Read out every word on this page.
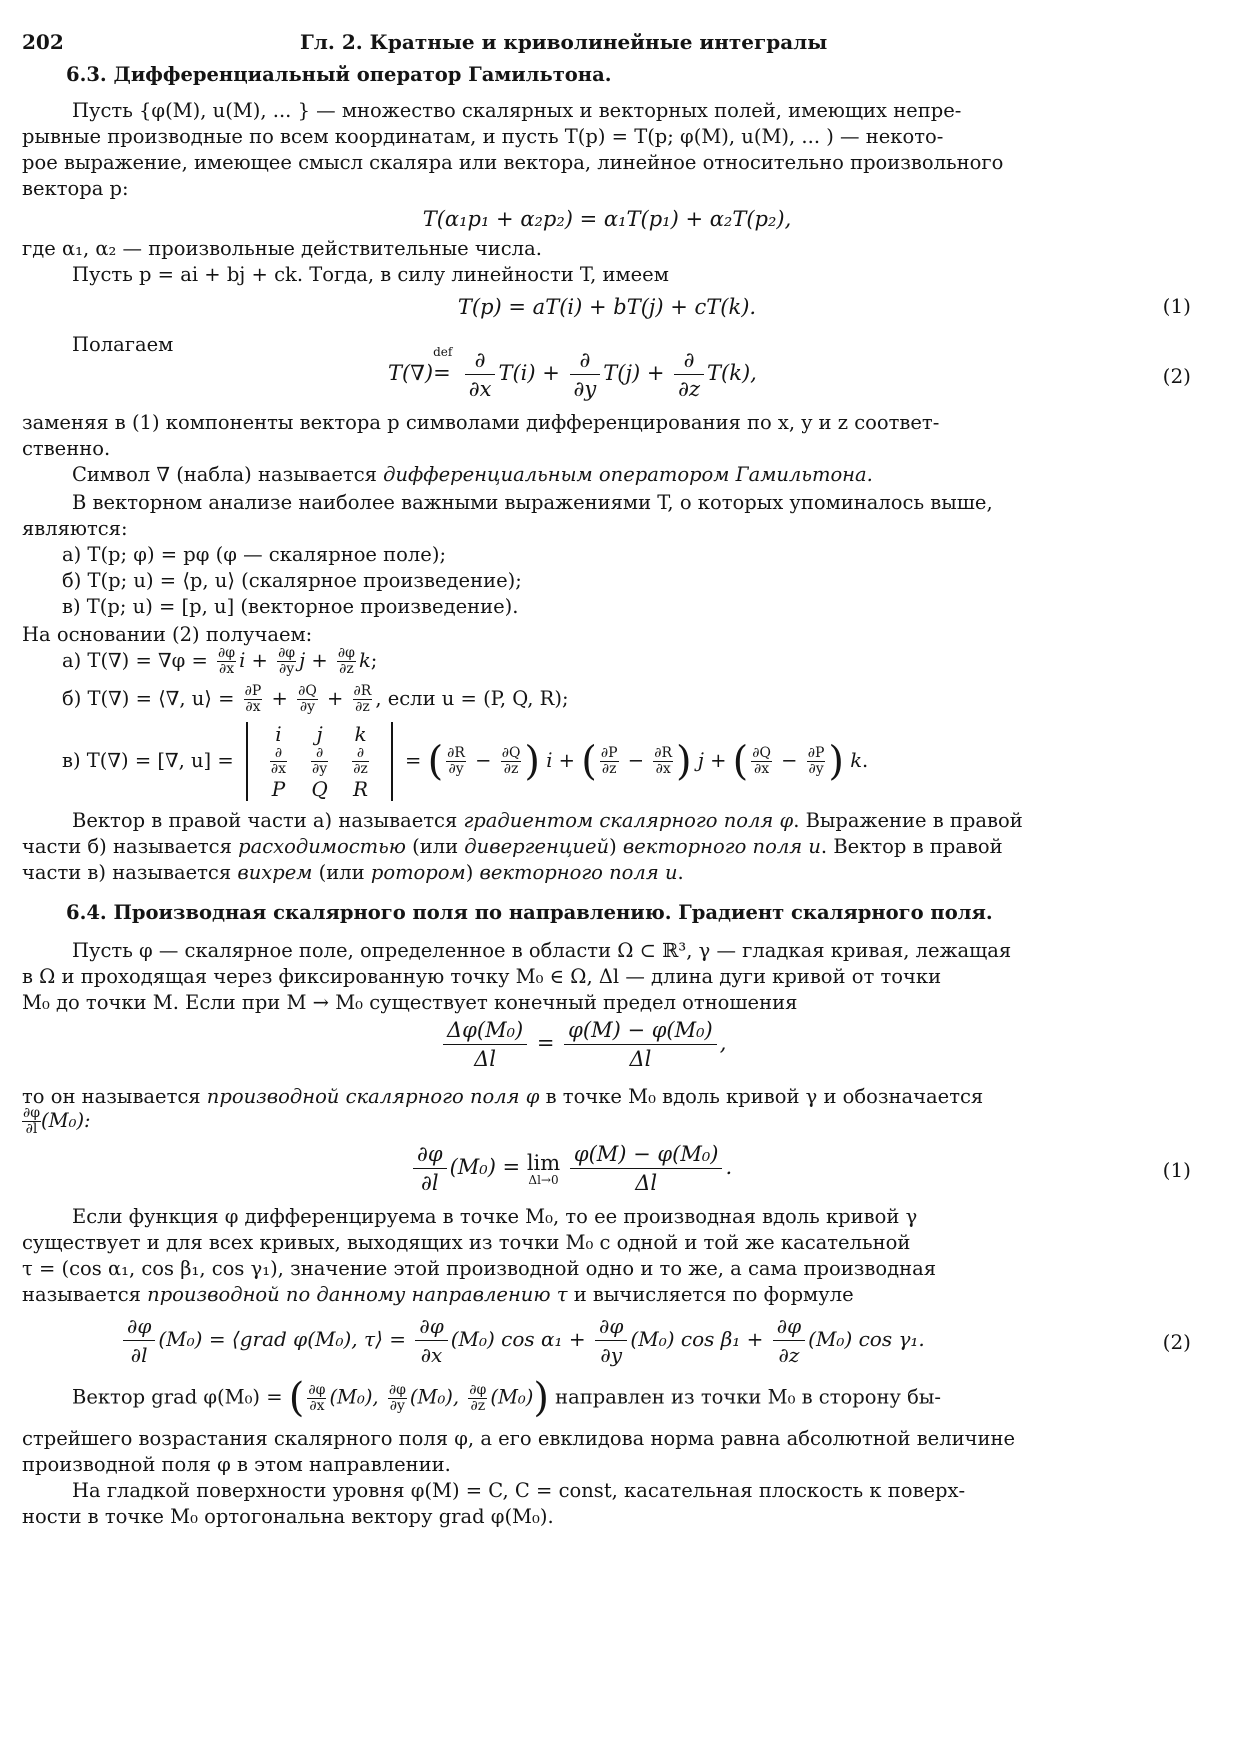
202	Гл. 2. Кратные и криволинейные интегралы
6.3. Дифференциальный оператор Гамильтона.
Пусть {φ(M), u(M), ... } — множество скалярных и векторных полей, имеющих непре-
рывные производные по всем координатам, и пусть T(p) = T(p; φ(M), u(M), ... ) — некото-
рое выражение, имеющее смысл скаляра или вектора, линейное относительно произвольного
вектора p:
T(α₁p₁ + α₂p₂) = α₁T(p₁) + α₂T(p₂),
где α₁, α₂ — произвольные действительные числа.
Пусть p = ai + bj + ck. Тогда, в силу линейности T, имеем
T(p) = aT(i) + bT(j) + cT(k).	(1)
Полагаем
T(∇)
def
= $\frac{\partial}{\partial x} T(i) + \frac{\partial}{\partial y} T(j) + \frac{\partial}{\partial z} T(k)$,	(2)
заменяя в (1) компоненты вектора p символами дифференцирования по x, y и z соответ-
ственно.
Символ ∇ (набла) называется дифференциальным оператором Гамильтона.
В векторном анализе наиболее важными выражениями T, о которых упоминалось выше,
являются:
а) T(p; φ) = pφ (φ — скалярное поле);
б) T(p; u) = ⟨p, u⟩ (скалярное произведение);
в) T(p; u) = [p, u] (векторное произведение).
На основании (2) получаем:
а) $T(\nabla) = \nabla\varphi = \frac{\partial\varphi}{\partial x}$ $i + \frac{\partial\varphi}{\partial y}$ $j + \frac{\partial\varphi}{\partial z} k$;
б) T(∇) = ⟨∇, u⟩ = $\frac{\partial P}{\partial x} + \frac{\partial Q}{\partial y} + \frac{\partial R}{\partial z}$ , если u = (P, Q, R);
в) T(∇) = [∇, u] =
i	j	k

$\frac{\partial}{\partial x}$	$\frac{\partial}{\partial y}$	$\frac{\partial}{\partial z}$

P	Q	R
= ( $\frac{\partial R}{\partial y} - \frac{\partial Q}{\partial z}$ ) i + ( $\frac{\partial P}{\partial z} - \frac{\partial R}{\partial x}$ ) j + ( $\frac{\partial Q}{\partial x} - \frac{\partial P}{\partial y}$ ) k.
Вектор в правой части а) называется градиентом скалярного поля φ. Выражение в правой
части б) называется расходимостью (или дивергенцией) векторного поля u. Вектор в правой
части в) называется вихрем (или ротором) векторного поля u.
6.4. Производная скалярного поля по направлению. Градиент скалярного поля.
Пусть φ — скалярное поле, определенное в области Ω ⊂ ℝ³, γ — гладкая кривая, лежащая
в Ω и проходящая через фиксированную точку M₀ ∈ Ω, Δl — длина дуги кривой от точки
M₀ до точки M. Если при M → M₀ существует конечный предел отношения
$\frac{\text{Δφ(M₀)}}{\Delta l} = \frac{\text{φ(M) − φ(M₀)}}{\Delta l}$ ,
то он называется производной скалярного поля φ в точке M₀ вдоль кривой γ и обозначается
$\frac{\partial\varphi}{\partial l} (M_0)$:
$\frac{\partial\varphi}{\partial l} (M_0) = \lim$
Δl→0
$\frac{\text{φ(M) − φ(M₀)}}{\Delta l}$ .	(1)
Если функция φ дифференцируема в точке M₀, то ее производная вдоль кривой γ
существует и для всех кривых, выходящих из точки M₀ с одной и той же касательной
τ = (cos α₁, cos β₁, cos γ₁), значение этой производной одно и то же, а сама производная
называется производной по данному направлению τ и вычисляется по формуле
$\frac{\partial\varphi}{\partial l} (M_0)$ = ⟨grad φ(M₀), τ⟩ = $\frac{\partial\varphi}{\partial x} (M_0)$ $\cos \alpha_1 + \frac{\partial\varphi}{\partial y} (M_0)$ $\cos \beta_1 + \frac{\partial\varphi}{\partial z} (M_0)$ cos γ₁.	(2)
Вектор grad φ(M₀) = ( $\frac{\partial\varphi}{\partial x} (M_0)$, $\frac{\partial\varphi}{\partial y} (M_0)$, $\frac{\partial\varphi}{\partial z} (M_0)$) направлен из точки M₀ в сторону бы-
стрейшего возрастания скалярного поля φ, а его евклидова норма равна абсолютной величине
производной поля φ в этом направлении.
На гладкой поверхности уровня φ(M) = C, C = const, касательная плоскость к поверх-
ности в точке M₀ ортогональна вектору grad φ(M₀).
